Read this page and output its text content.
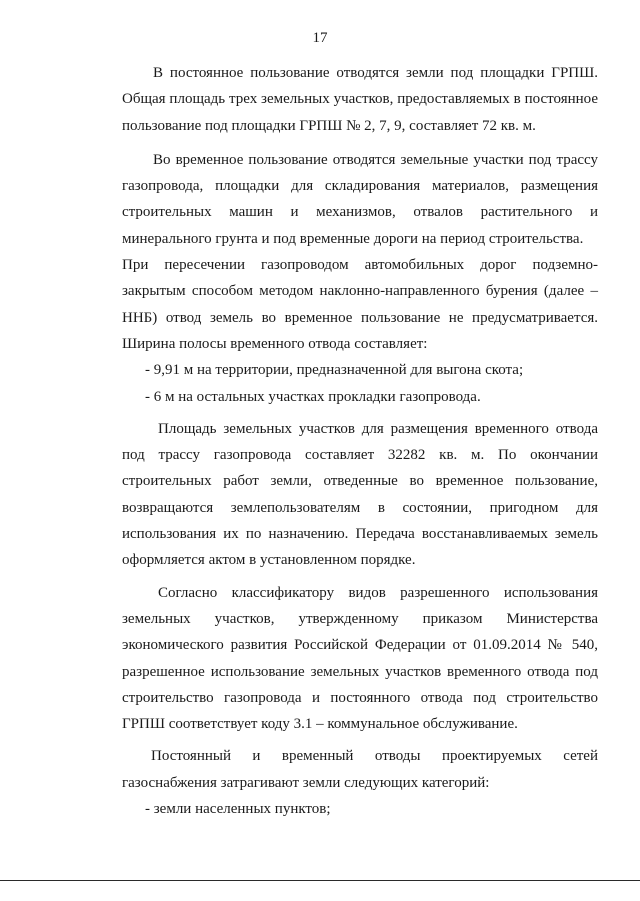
17

В постоянное пользование отводятся земли под площадки ГРПШ. Общая площадь трех земельных участков, предоставляемых в постоянное пользование под площадки ГРПШ № 2, 7, 9, составляет 72 кв. м.

Во временное пользование отводятся земельные участки под трассу газопровода, площадки для складирования материалов, размещения строительных машин и механизмов, отвалов растительного и минерального грунта и под временные дороги на период строительства.

При пересечении газопроводом автомобильных дорог подземно-закрытым способом методом наклонно-направленного бурения (далее – ННБ) отвод земель во временное пользование не предусматривается. Ширина полосы временного отвода составляет:

- 9,91 м на территории, предназначенной для выгона скота;

- 6 м на остальных участках прокладки газопровода.

Площадь земельных участков для размещения временного отвода под трассу газопровода составляет 32282 кв. м. По окончании строительных работ земли, отведенные во временное пользование, возвращаются землепользователям в состоянии, пригодном для использования их по назначению. Передача восстанавливаемых земель оформляется актом в установленном порядке.

Согласно классификатору видов разрешенного использования земельных участков, утвержденному приказом Министерства экономического развития Российской Федерации от 01.09.2014 № 540, разрешенное использование земельных участков временного отвода под строительство газопровода и постоянного отвода под строительство ГРПШ соответствует коду 3.1 – коммунальное обслуживание.

Постоянный и временный отводы проектируемых сетей газоснабжения затрагивают земли следующих категорий:

- земли населенных пунктов;
